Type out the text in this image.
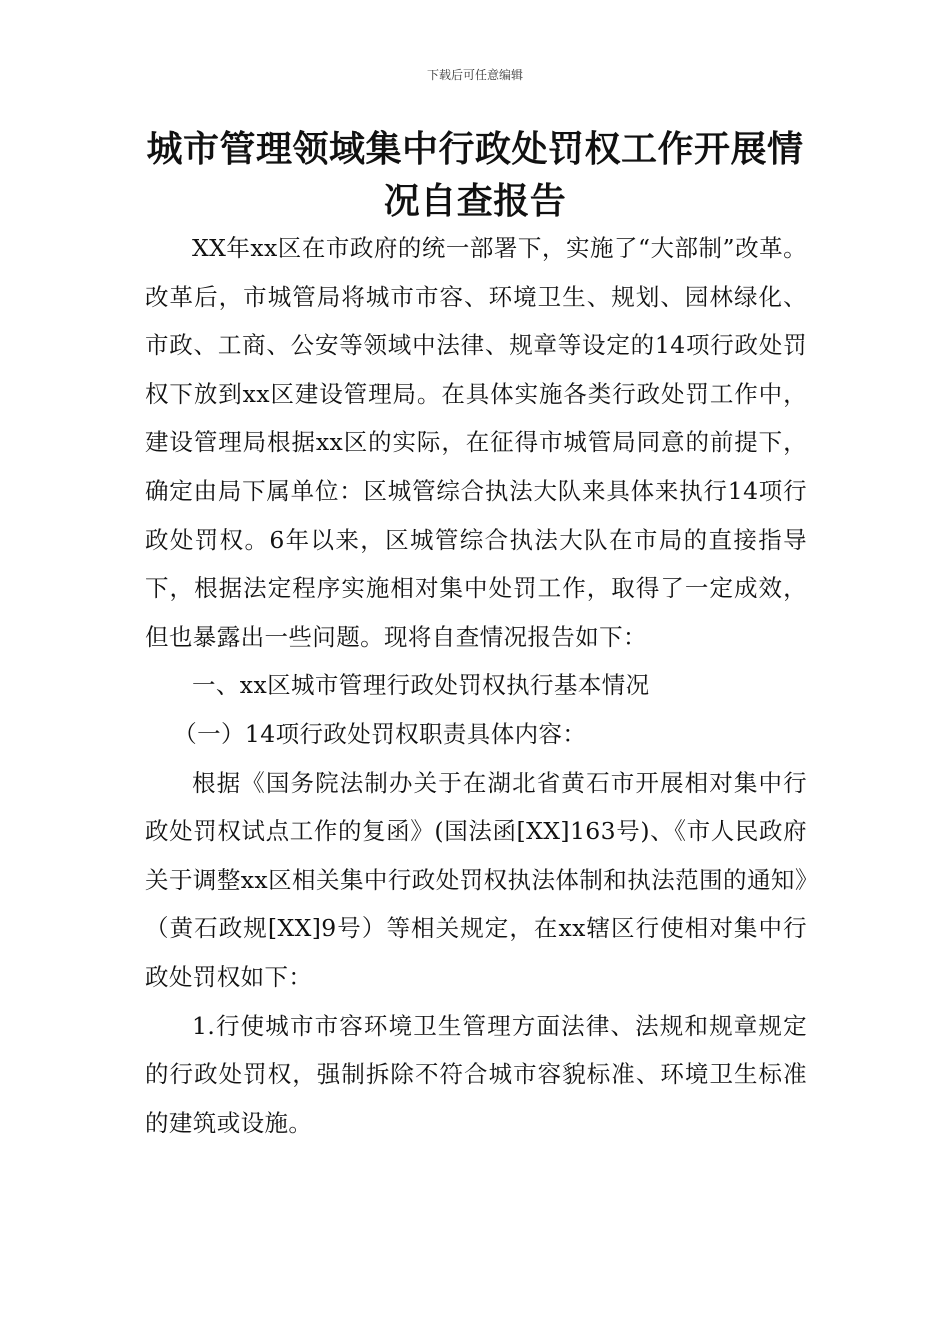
下载后可任意编辑
城市管理领域集中行政处罚权工作开展情
况自查报告

XX年xx区在市政府的统一部署下，实施了“大部制”改革。改革后，市城管局将城市市容、环境卫生、规划、园林绿化、市政、工商、公安等领域中法律、规章等设定的14项行政处罚权下放到xx区建设管理局。在具体实施各类行政处罚工作中，建设管理局根据xx区的实际，在征得市城管局同意的前提下，确定由局下属单位：区城管综合执法大队来具体来执行14项行政处罚权。6年以来，区城管综合执法大队在市局的直接指导下，根据法定程序实施相对集中处罚工作，取得了一定成效，但也暴露出一些问题。现将自查情况报告如下：

一、xx区城市管理行政处罚权执行基本情况

（一）14项行政处罚权职责具体内容：

根据《国务院法制办关于在湖北省黄石市开展相对集中行政处罚权试点工作的复函》(国法函[XX]163号)、《市人民政府关于调整xx区相关集中行政处罚权执法体制和执法范围的通知》（黄石政规[XX]9号）等相关规定，在xx辖区行使相对集中行政处罚权如下：

1.行使城市市容环境卫生管理方面法律、法规和规章规定的行政处罚权，强制拆除不符合城市容貌标准、环境卫生标准的建筑或设施。
